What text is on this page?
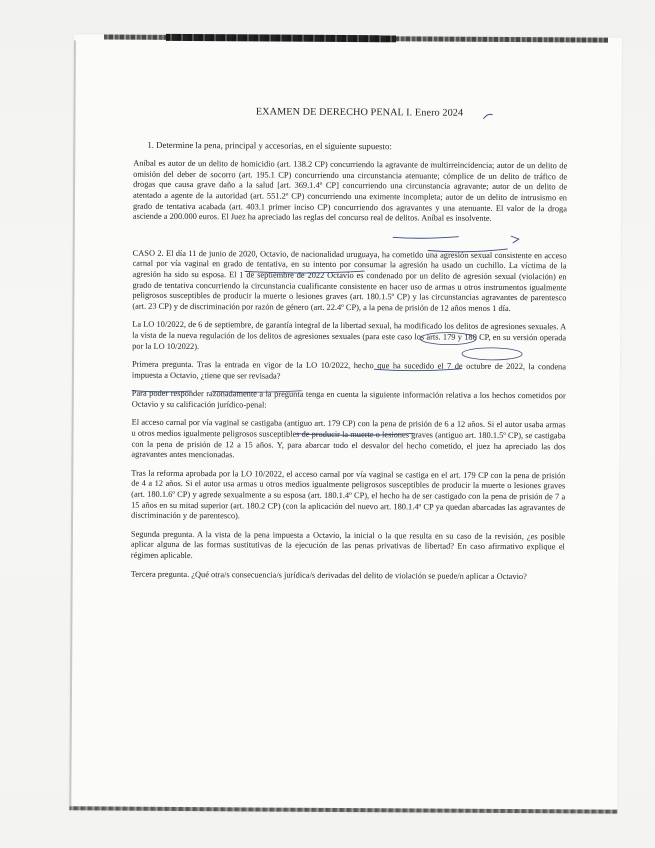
EXAMEN DE DERECHO PENAL I. Enero 2024
1. Determine la pena, principal y accesorias, en el siguiente supuesto:
Aníbal es autor de un delito de homicidio (art. 138.2 CP) concurriendo la agravante de multirreincidencia; autor de un delito de omisión del deber de socorro (art. 195.1 CP) concurriendo una circunstancia atenuante; cómplice de un delito de tráfico de drogas que causa grave daño a la salud [art. 369.1.4º CP] concurriendo una circunstancia agravante; autor de un delito de atentado a agente de la autoridad (art. 551.2º CP) concurriendo una eximente incompleta; autor de un delito de intrusismo en grado de tentativa acabada (art. 403.1 primer inciso CP) concurriendo dos agravantes y una atenuante. El valor de la droga asciende a 200.000 euros. El Juez ha apreciado las reglas del concurso real de delitos. Aníbal es insolvente.
CASO 2. El día 11 de junio de 2020, Octavio, de nacionalidad uruguaya, ha cometido una agresión sexual consistente en acceso carnal por vía vaginal en grado de tentativa, en su intento por consumar la agresión ha usado un cuchillo. La víctima de la agresión ha sido su esposa. El 1 de septiembre de 2022 Octavio es condenado por un delito de agresión sexual (violación) en grado de tentativa concurriendo la circunstancia cualificante consistente en hacer uso de armas u otros instrumentos igualmente peligrosos susceptibles de producir la muerte o lesiones graves (art. 180.1.5º CP) y las circunstancias agravantes de parentesco (art. 23 CP) y de discriminación por razón de género (art. 22.4º CP), a la pena de prisión de 12 años menos 1 día.
La LO 10/2022, de 6 de septiembre, de garantía integral de la libertad sexual, ha modificado los delitos de agresiones sexuales. A la vista de la nueva regulación de los delitos de agresiones sexuales (para este caso los arts. 179 y 180 CP, en su versión operada por la LO 10/2022).
Primera pregunta. Tras la entrada en vigor de la LO 10/2022, hecho que ha sucedido el 7 de octubre de 2022, la condena impuesta a Octavio, ¿tiene que ser revisada?
Para poder responder razonadamente a la pregunta tenga en cuenta la siguiente información relativa a los hechos cometidos por Octavio y su calificación jurídico-penal:
El acceso carnal por vía vaginal se castigaba (antiguo art. 179 CP) con la pena de prisión de 6 a 12 años. Si el autor usaba armas u otros medios igualmente peligrosos susceptibles de producir la muerte o lesiones graves (antiguo art. 180.1.5º CP), se castigaba con la pena de prisión de 12 a 15 años. Y, para abarcar todo el desvalor del hecho cometido, el juez ha apreciado las dos agravantes antes mencionadas.
Tras la reforma aprobada por la LO 10/2022, el acceso carnal por vía vaginal se castiga en el art. 179 CP con la pena de prisión de 4 a 12 años. Si el autor usa armas u otros medios igualmente peligrosos susceptibles de producir la muerte o lesiones graves (art. 180.1.6º CP) y agrede sexualmente a su esposa (art. 180.1.4º CP), el hecho ha de ser castigado con la pena de prisión de 7 a 15 años en su mitad superior (art. 180.2 CP) (con la aplicación del nuevo art. 180.1.4º CP ya quedan abarcadas las agravantes de discriminación y de parentesco).
Segunda pregunta. A la vista de la pena impuesta a Octavio, la inicial o la que resulta en su caso de la revisión, ¿es posible aplicar alguna de las formas sustitutivas de la ejecución de las penas privativas de libertad? En caso afirmativo explique el régimen aplicable.
Tercera pregunta. ¿Qué otra/s consecuencia/s jurídica/s derivadas del delito de violación se puede/n aplicar a Octavio?
